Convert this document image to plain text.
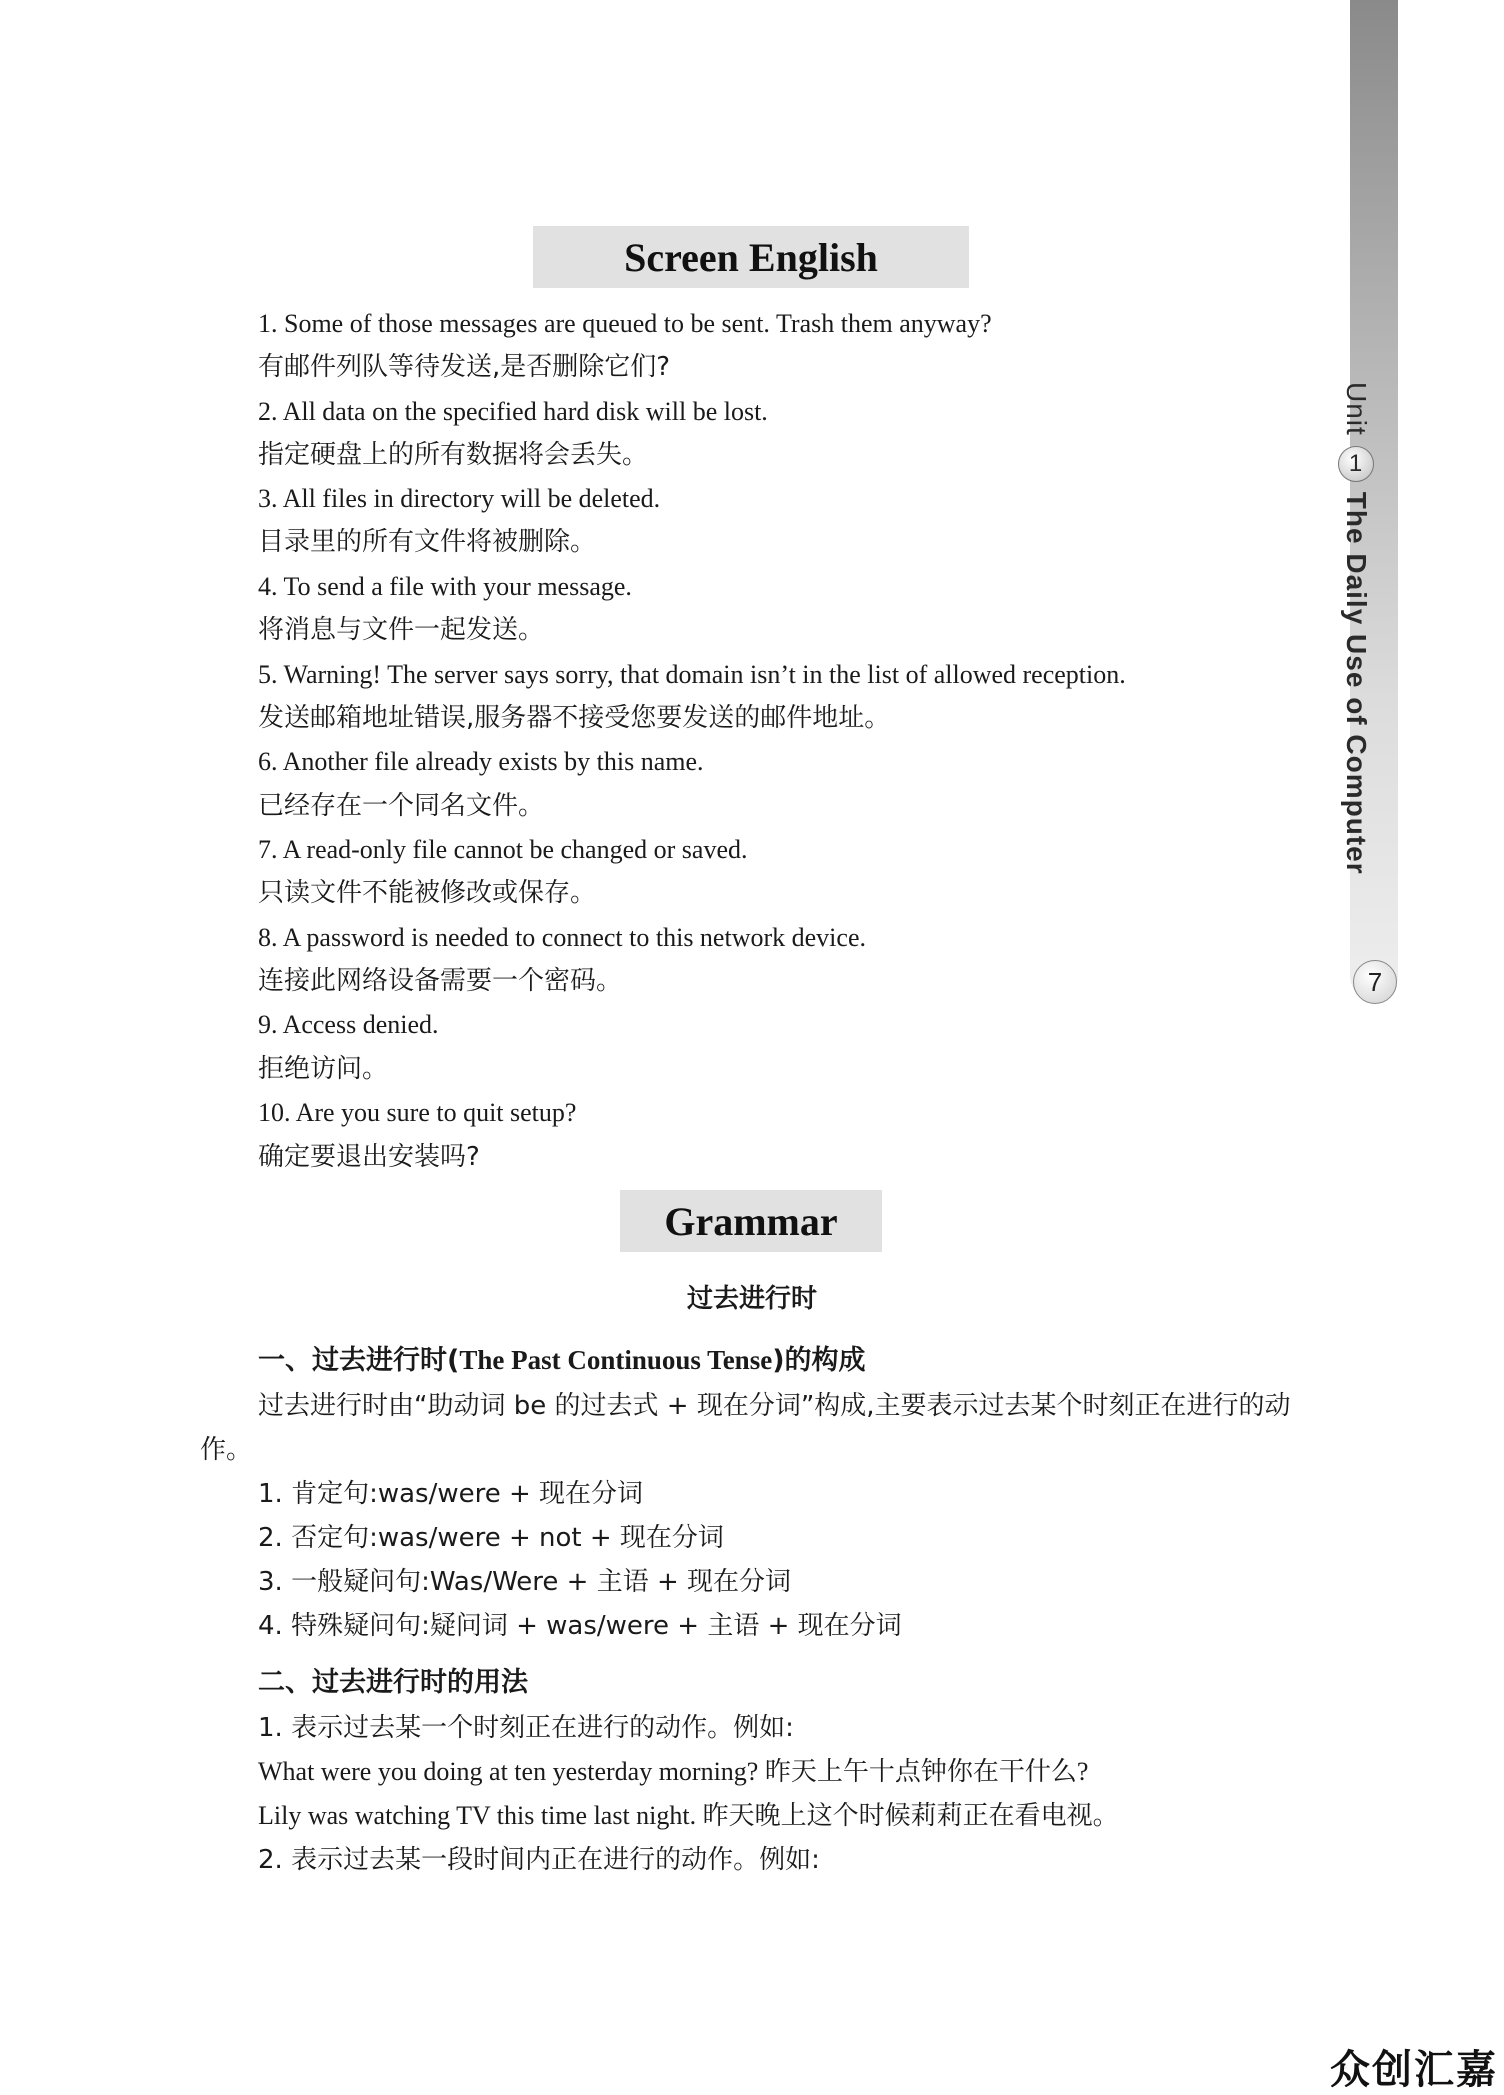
Unit
1
The Daily Use of Computer
7
Screen English
1. Some of those messages are queued to be sent. Trash them anyway?
有邮件列队等待发送,是否删除它们?
2. All data on the specified hard disk will be lost.
指定硬盘上的所有数据将会丢失。
3. All files in directory will be deleted.
目录里的所有文件将被删除。
4. To send a file with your message.
将消息与文件一起发送。
5. Warning! The server says sorry, that domain isn’t in the list of allowed reception.
发送邮箱地址错误,服务器不接受您要发送的邮件地址。
6. Another file already exists by this name.
已经存在一个同名文件。
7. A read-only file cannot be changed or saved.
只读文件不能被修改或保存。
8. A password is needed to connect to this network device.
连接此网络设备需要一个密码。
9. Access denied.
拒绝访问。
10. Are you sure to quit setup?
确定要退出安装吗?
Grammar
过去进行时
一、过去进行时(The Past Continuous Tense)的构成
过去进行时由“助动词 be 的过去式 + 现在分词”构成,主要表示过去某个时刻正在进行的动作。
1. 肯定句:was/were + 现在分词
2. 否定句:was/were + not + 现在分词
3. 一般疑问句:Was/Were + 主语 + 现在分词
4. 特殊疑问句:疑问词 + was/were + 主语 + 现在分词
二、过去进行时的用法
1. 表示过去某一个时刻正在进行的动作。例如:
What were you doing at ten yesterday morning? 昨天上午十点钟你在干什么?
Lily was watching TV this time last night. 昨天晚上这个时候莉莉正在看电视。
2. 表示过去某一段时间内正在进行的动作。例如:
众创汇嘉
